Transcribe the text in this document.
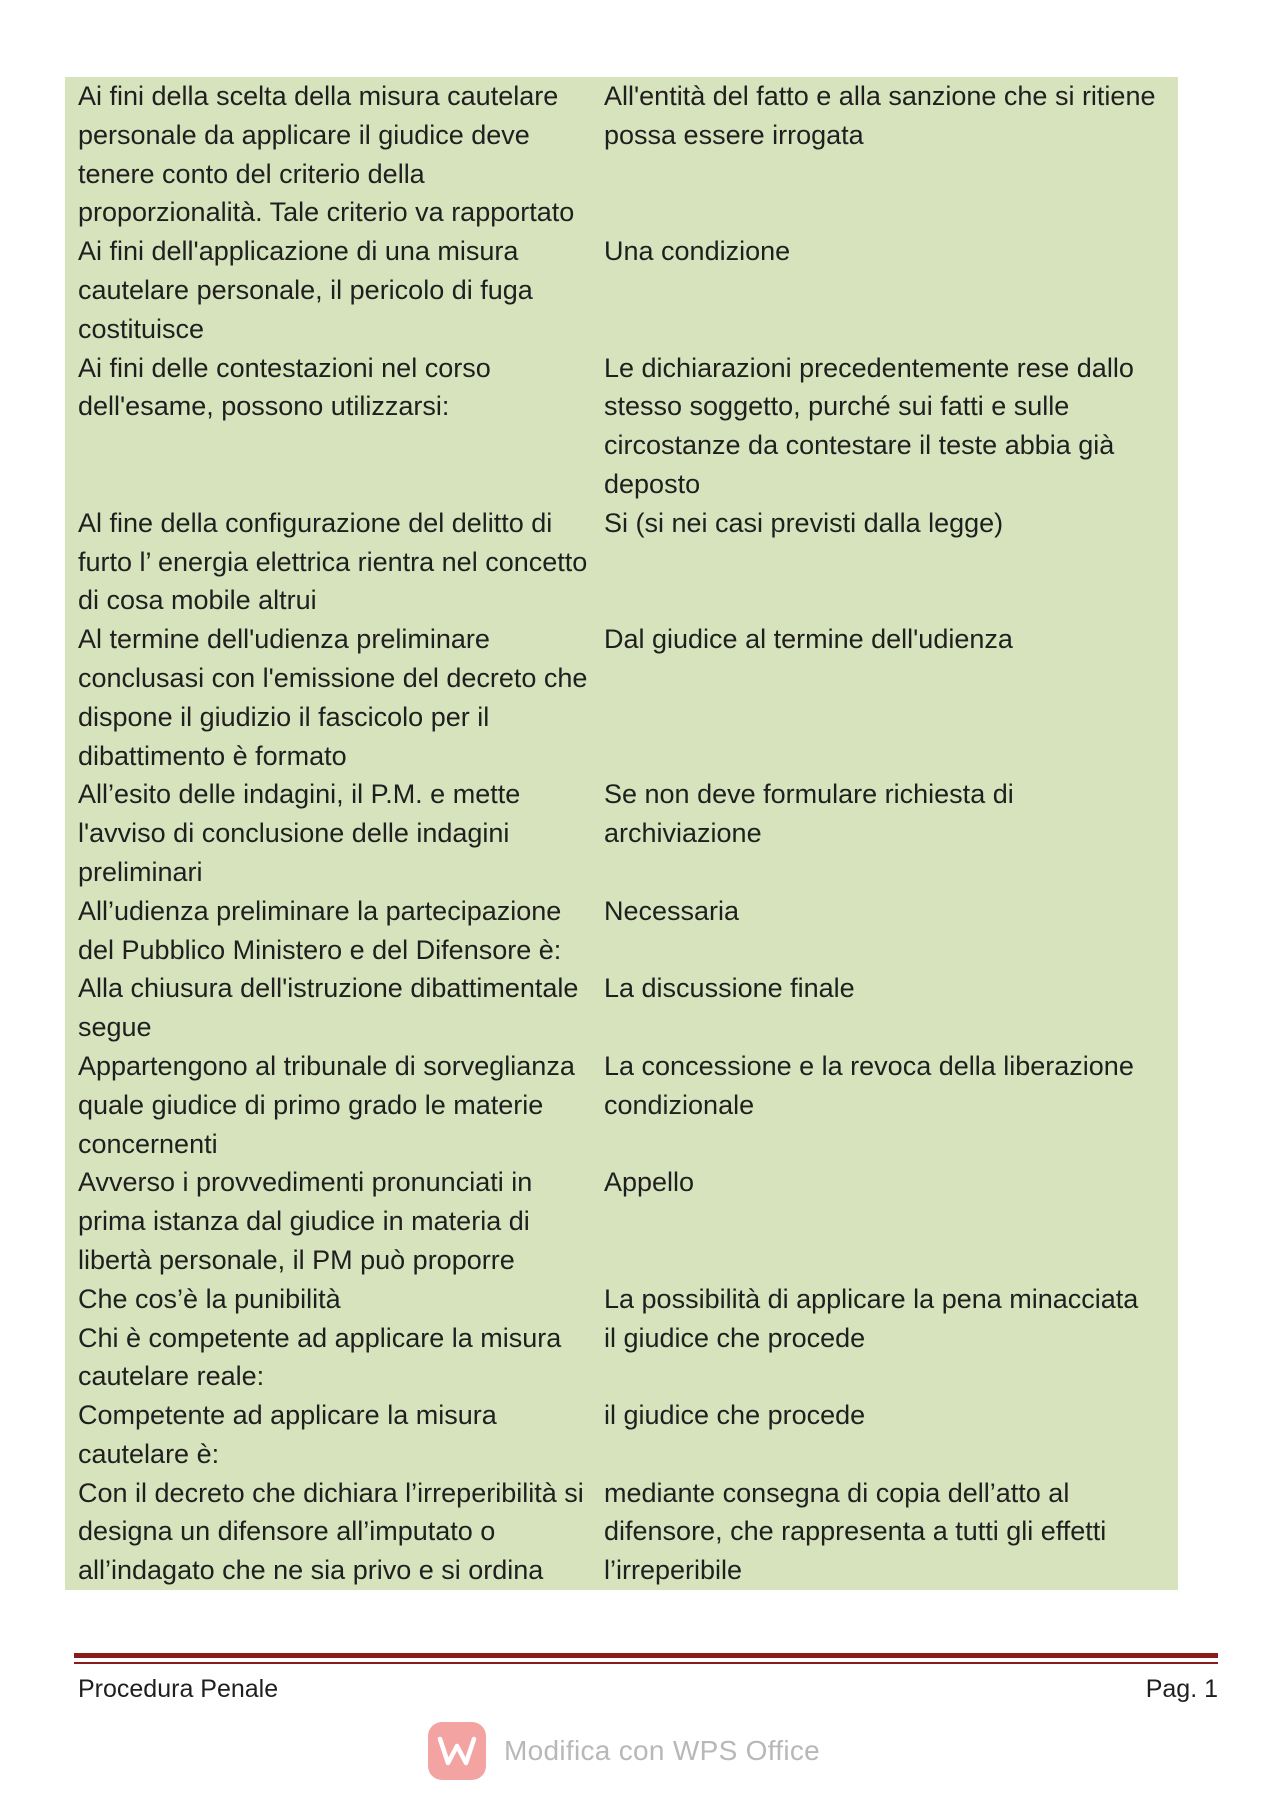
Ai fini della scelta della misura cautelare personale da applicare il giudice deve tenere conto del criterio della proporzionalità. Tale criterio va rapportato	All'entità del fatto e alla sanzione che si ritiene possa essere irrogata
Ai fini dell'applicazione di una misura cautelare personale, il pericolo di fuga costituisce	Una condizione
Ai fini delle contestazioni nel corso dell'esame, possono utilizzarsi:	Le dichiarazioni precedentemente rese dallo stesso soggetto, purché sui fatti e sulle circostanze da contestare il teste abbia già deposto
Al fine della configurazione del delitto di furto l’ energia elettrica rientra nel concetto di cosa mobile altrui	Si (si nei casi previsti dalla legge)
Al termine dell'udienza preliminare conclusasi con l'emissione del decreto che dispone il giudizio il fascicolo per il dibattimento è formato	Dal giudice al termine dell'udienza
All’esito delle indagini, il P.M. e mette l'avviso di conclusione delle indagini preliminari	Se non deve formulare richiesta di archiviazione
All’udienza preliminare la partecipazione del Pubblico Ministero e del Difensore è:	Necessaria
Alla chiusura dell'istruzione dibattimentale segue	La discussione finale
Appartengono al tribunale di sorveglianza quale giudice di primo grado le materie concernenti	La concessione e la revoca della liberazione condizionale
Avverso i provvedimenti pronunciati in prima istanza dal giudice in materia di libertà personale, il PM può proporre	Appello
Che cos’è la punibilità	La possibilità di applicare la pena minacciata
Chi è competente ad applicare la misura cautelare reale:	il giudice che procede
Competente ad applicare la misura cautelare è:	il giudice che procede
Con il decreto che dichiara l’irreperibilità si designa un difensore all’imputato o all’indagato che ne sia privo e si ordina	mediante consegna di copia dell’atto al difensore, che rappresenta a tutti gli effetti l’irreperibile
Procedura Penale	Pag. 1
Modifica con WPS Office
